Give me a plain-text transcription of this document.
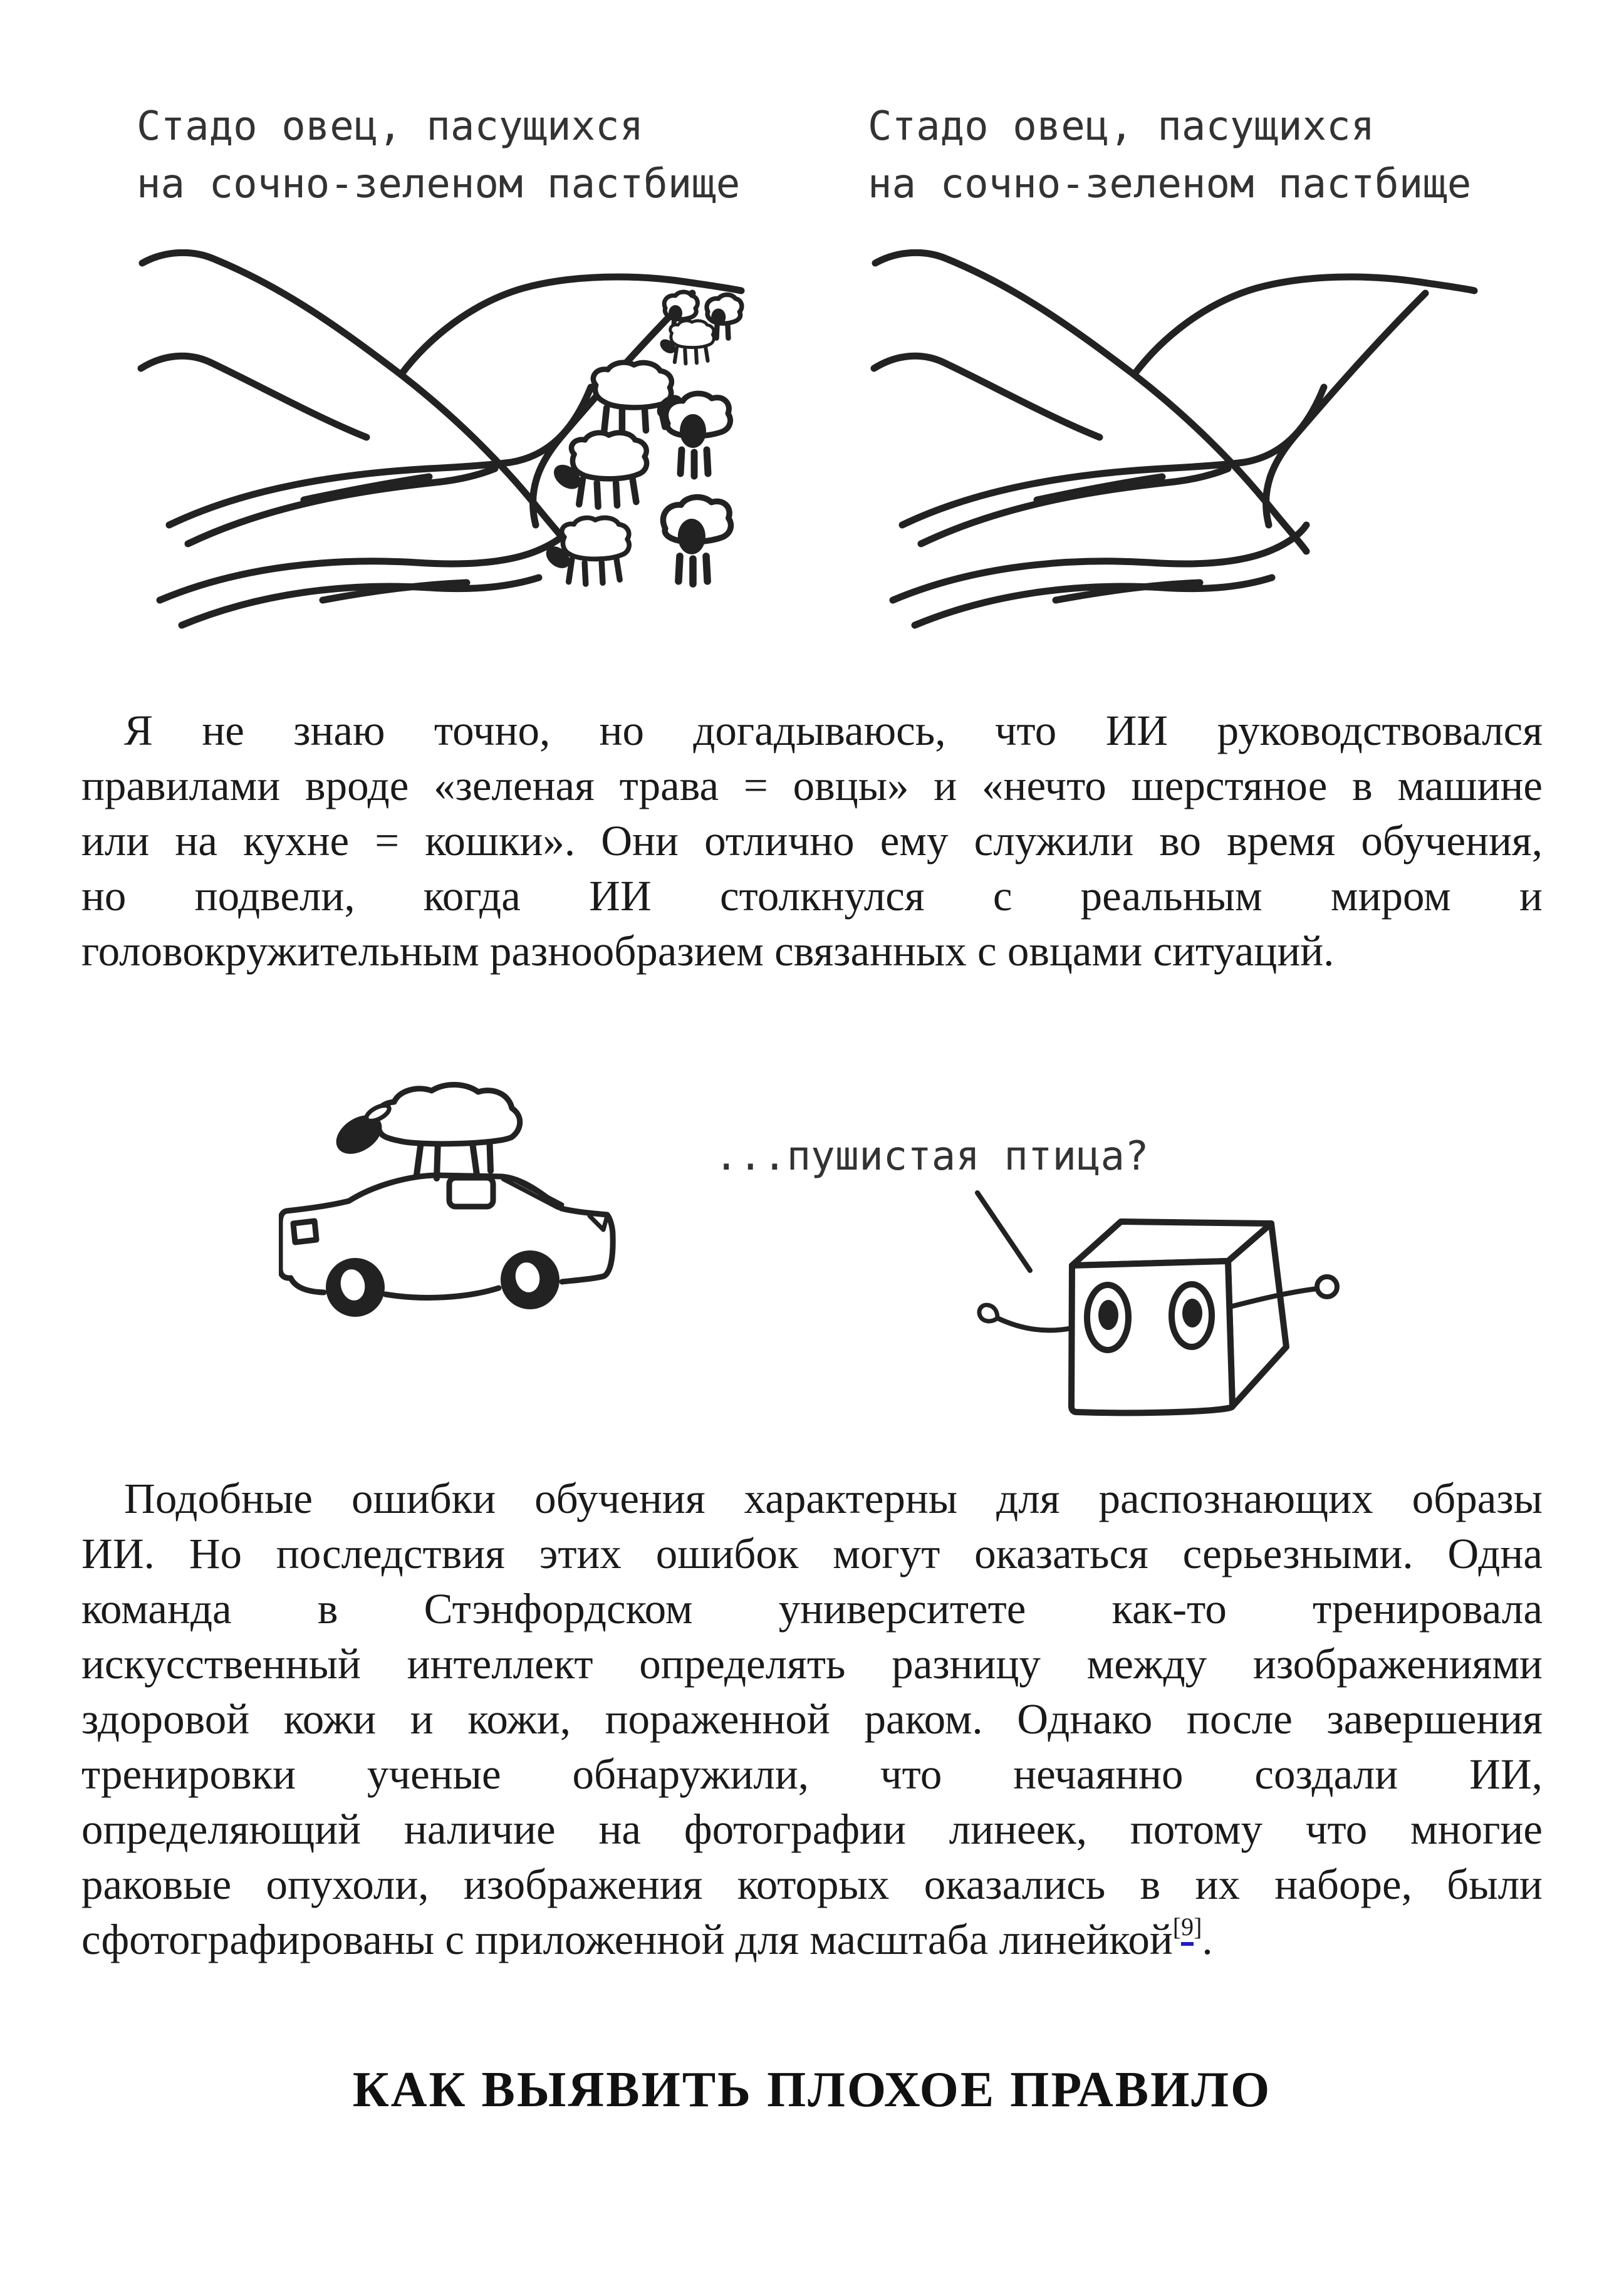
Стадо овец, пасущихся
на сочно-зеленом пастбище
Стадо овец, пасущихся
на сочно-зеленом пастбище
Я не знаю точно, но догадываюсь, что ИИ руководствовался
правилами вроде «зеленая трава = овцы» и «нечто шерстяное в машине
или на кухне = кошки». Они отлично ему служили во время обучения,
но подвели, когда ИИ столкнулся с реальным миром и
головокружительным разнообразием связанных с овцами ситуаций.
...пушистая птица?
Подобные ошибки обучения характерны для распознающих образы
ИИ. Но последствия этих ошибок могут оказаться серьезными. Одна
команда в Стэнфордском университете как-то тренировала
искусственный интеллект определять разницу между изображениями
здоровой кожи и кожи, пораженной раком. Однако после завершения
тренировки ученые обнаружили, что нечаянно создали ИИ,
определяющий наличие на фотографии линеек, потому что многие
раковые опухоли, изображения которых оказались в их наборе, были
сфотографированы с приложенной для масштаба линейкой[9].
КАК ВЫЯВИТЬ ПЛОХОЕ ПРАВИЛО
